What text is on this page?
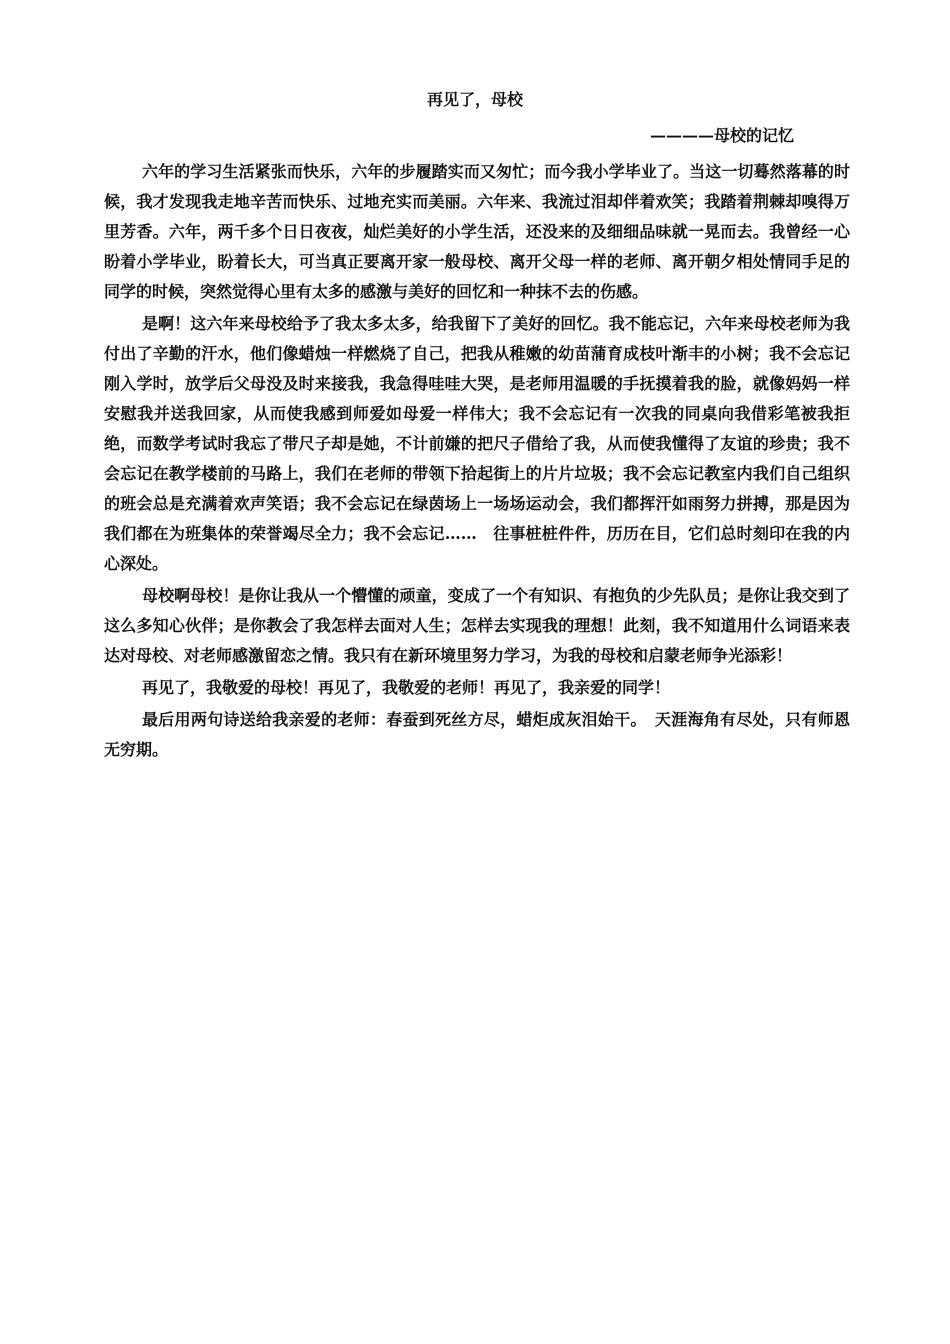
再见了，母校
————母校的记忆

六年的学习生活紧张而快乐，六年的步履踏实而又匆忙；而今我小学毕业了。当这一切蓦然落幕的时候，我才发现我走地辛苦而快乐、过地充实而美丽。六年来、我流过泪却伴着欢笑；我踏着荆棘却嗅得万里芳香。六年，两千多个日日夜夜，灿烂美好的小学生活，还没来的及细细品味就一晃而去。我曾经一心盼着小学毕业，盼着长大，可当真正要离开家一般母校、离开父母一样的老师、离开朝夕相处情同手足的同学的时候，突然觉得心里有太多的感激与美好的回忆和一种抹不去的伤感。

是啊！这六年来母校给予了我太多太多，给我留下了美好的回忆。我不能忘记，六年来母校老师为我付出了辛勤的汗水，他们像蜡烛一样燃烧了自己，把我从稚嫩的幼苗蒲育成枝叶渐丰的小树；我不会忘记刚入学时，放学后父母没及时来接我，我急得哇哇大哭，是老师用温暖的手抚摸着我的脸，就像妈妈一样安慰我并送我回家，从而使我感到师爱如母爱一样伟大；我不会忘记有一次我的同桌向我借彩笔被我拒绝，而数学考试时我忘了带尺子却是她，不计前嫌的把尺子借给了我，从而使我懂得了友谊的珍贵；我不会忘记在教学楼前的马路上，我们在老师的带领下拾起街上的片片垃圾；我不会忘记教室内我们自己组织的班会总是充满着欢声笑语；我不会忘记在绿茵场上一场场运动会，我们都挥汗如雨努力拼搏，那是因为我们都在为班集体的荣誉竭尽全力；我不会忘记……　往事桩桩件件，历历在目，它们总时刻印在我的内心深处。

母校啊母校！是你让我从一个懵懂的顽童，变成了一个有知识、有抱负的少先队员；是你让我交到了这么多知心伙伴；是你教会了我怎样去面对人生；怎样去实现我的理想！此刻，我不知道用什么词语来表达对母校、对老师感激留恋之情。我只有在新环境里努力学习，为我的母校和启蒙老师争光添彩！

再见了，我敬爱的母校！再见了，我敬爱的老师！再见了，我亲爱的同学！

最后用两句诗送给我亲爱的老师：春蚕到死丝方尽，蜡炬成灰泪始干。　天涯海角有尽处，只有师恩无穷期。
